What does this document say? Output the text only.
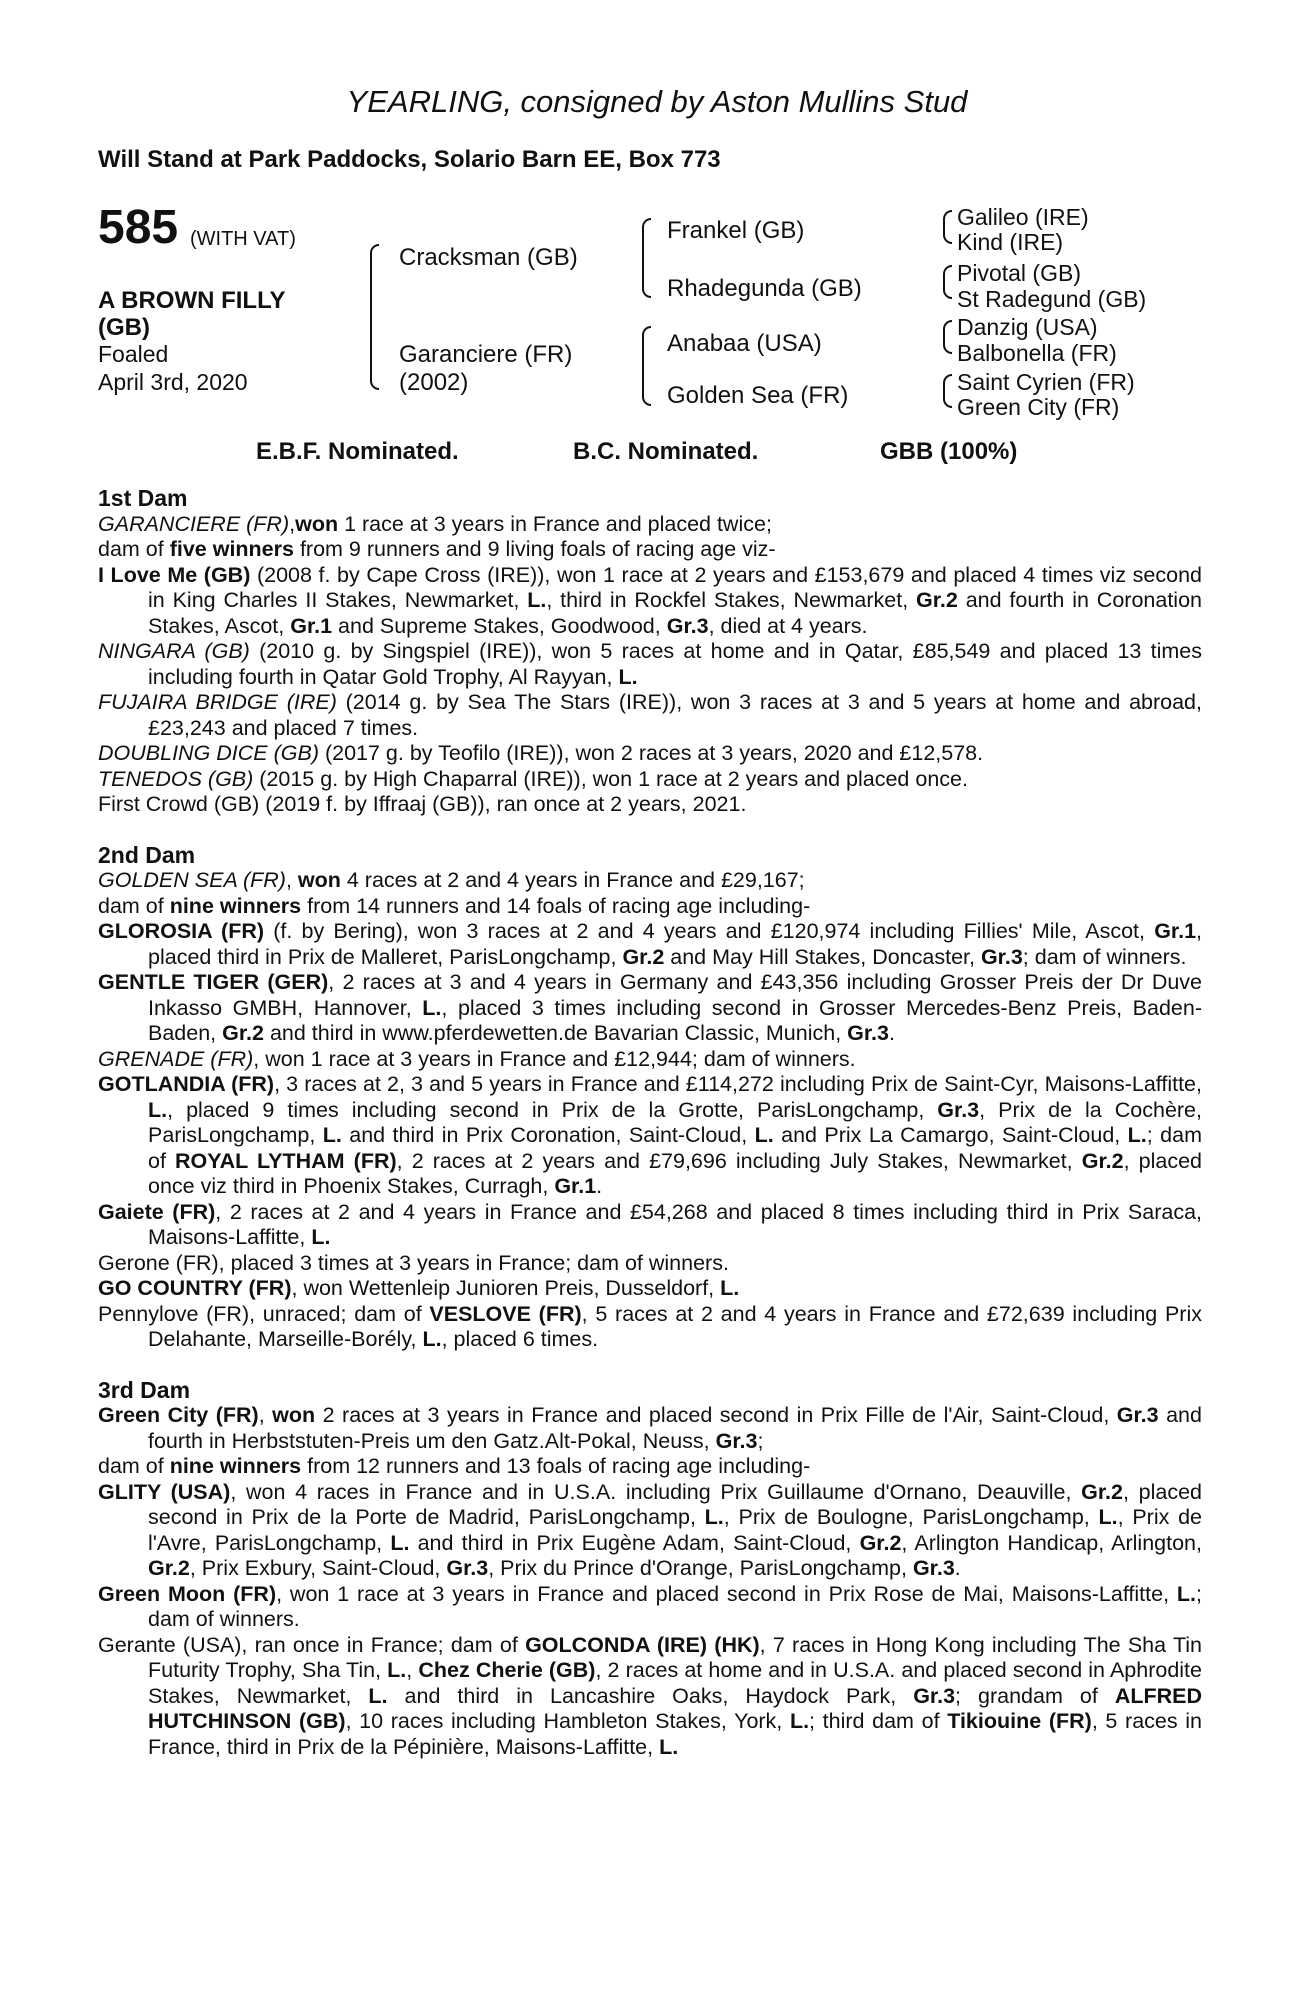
YEARLING, consigned by Aston Mullins Stud
Will Stand at Park Paddocks, Solario Barn EE, Box 773
585 (WITH VAT)
A BROWN FILLY
(GB)
Foaled
April 3rd, 2020
Cracksman (GB)
Garanciere (FR)
(2002)
Frankel (GB)
Rhadegunda (GB)
Anabaa (USA)
Golden Sea (FR)
Galileo (IRE)
Kind (IRE)
Pivotal (GB)
St Radegund (GB)
Danzig (USA)
Balbonella (FR)
Saint Cyrien (FR)
Green City (FR)
E.B.F. Nominated.	B.C. Nominated.	GBB (100%)
1st Dam
GARANCIERE (FR),won 1 race at 3 years in France and placed twice;
dam of five winners from 9 runners and 9 living foals of racing age viz-
I Love Me (GB) (2008 f. by Cape Cross (IRE)), won 1 race at 2 years and £153,679 and placed 4 times viz second in King Charles II Stakes, Newmarket, L., third in Rockfel Stakes, Newmarket, Gr.2 and fourth in Coronation Stakes, Ascot, Gr.1 and Supreme Stakes, Goodwood, Gr.3, died at 4 years.
NINGARA (GB) (2010 g. by Singspiel (IRE)), won 5 races at home and in Qatar, £85,549 and placed 13 times including fourth in Qatar Gold Trophy, Al Rayyan, L.
FUJAIRA BRIDGE (IRE) (2014 g. by Sea The Stars (IRE)), won 3 races at 3 and 5 years at home and abroad, £23,243 and placed 7 times.
DOUBLING DICE (GB) (2017 g. by Teofilo (IRE)), won 2 races at 3 years, 2020 and £12,578.
TENEDOS (GB) (2015 g. by High Chaparral (IRE)), won 1 race at 2 years and placed once.
First Crowd (GB) (2019 f. by Iffraaj (GB)), ran once at 2 years, 2021.
2nd Dam
GOLDEN SEA (FR), won 4 races at 2 and 4 years in France and £29,167;
dam of nine winners from 14 runners and 14 foals of racing age including-
GLOROSIA (FR) (f. by Bering), won 3 races at 2 and 4 years and £120,974 including Fillies' Mile, Ascot, Gr.1, placed third in Prix de Malleret, ParisLongchamp, Gr.2 and May Hill Stakes, Doncaster, Gr.3; dam of winners.
GENTLE TIGER (GER), 2 races at 3 and 4 years in Germany and £43,356 including Grosser Preis der Dr Duve Inkasso GMBH, Hannover, L., placed 3 times including second in Grosser Mercedes-Benz Preis, Baden-Baden, Gr.2 and third in www.pferdewetten.de Bavarian Classic, Munich, Gr.3.
GRENADE (FR), won 1 race at 3 years in France and £12,944; dam of winners.
GOTLANDIA (FR), 3 races at 2, 3 and 5 years in France and £114,272 including Prix de Saint-Cyr, Maisons-Laffitte, L., placed 9 times including second in Prix de la Grotte, ParisLongchamp, Gr.3, Prix de la Cochère, ParisLongchamp, L. and third in Prix Coronation, Saint-Cloud, L. and Prix La Camargo, Saint-Cloud, L.; dam of ROYAL LYTHAM (FR), 2 races at 2 years and £79,696 including July Stakes, Newmarket, Gr.2, placed once viz third in Phoenix Stakes, Curragh, Gr.1.
Gaiete (FR), 2 races at 2 and 4 years in France and £54,268 and placed 8 times including third in Prix Saraca, Maisons-Laffitte, L.
Gerone (FR), placed 3 times at 3 years in France; dam of winners.
GO COUNTRY (FR), won Wettenleip Junioren Preis, Dusseldorf, L.
Pennylove (FR), unraced; dam of VESLOVE (FR), 5 races at 2 and 4 years in France and £72,639 including Prix Delahante, Marseille-Borély, L., placed 6 times.
3rd Dam
Green City (FR), won 2 races at 3 years in France and placed second in Prix Fille de l'Air, Saint-Cloud, Gr.3 and fourth in Herbststuten-Preis um den Gatz.Alt-Pokal, Neuss, Gr.3;
dam of nine winners from 12 runners and 13 foals of racing age including-
GLITY (USA), won 4 races in France and in U.S.A. including Prix Guillaume d'Ornano, Deauville, Gr.2, placed second in Prix de la Porte de Madrid, ParisLongchamp, L., Prix de Boulogne, ParisLongchamp, L., Prix de l'Avre, ParisLongchamp, L. and third in Prix Eugène Adam, Saint-Cloud, Gr.2, Arlington Handicap, Arlington, Gr.2, Prix Exbury, Saint-Cloud, Gr.3, Prix du Prince d'Orange, ParisLongchamp, Gr.3.
Green Moon (FR), won 1 race at 3 years in France and placed second in Prix Rose de Mai, Maisons-Laffitte, L.; dam of winners.
Gerante (USA), ran once in France; dam of GOLCONDA (IRE) (HK), 7 races in Hong Kong including The Sha Tin Futurity Trophy, Sha Tin, L., Chez Cherie (GB), 2 races at home and in U.S.A. and placed second in Aphrodite Stakes, Newmarket, L. and third in Lancashire Oaks, Haydock Park, Gr.3; grandam of ALFRED HUTCHINSON (GB), 10 races including Hambleton Stakes, York, L.; third dam of Tikiouine (FR), 5 races in France, third in Prix de la Pépinière, Maisons-Laffitte, L.
